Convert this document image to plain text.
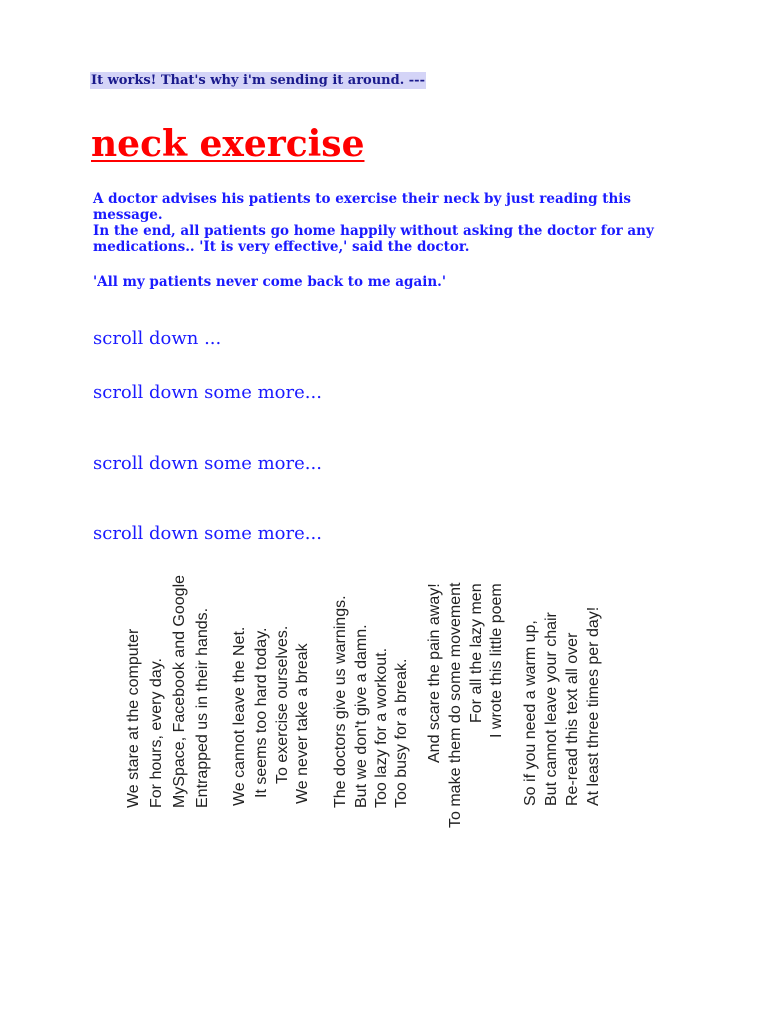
It works! That's why i'm sending it around. ---
neck exercise

A doctor advises his patients to exercise their neck by just reading this message.

In the end, all patients go home happily without asking the doctor for any medications.. 'It is very effective,' said the doctor.

'All my patients never come back to me again.'

scroll down ...

scroll down some more...

scroll down some more...

scroll down some more...

We stare at the computer For hours, every day. MySpace, Facebook and Google Entrapped us in their hands. We cannot leave the Net. It seems too hard today. To exercise ourselves. We never take a break The doctors give us warnings. But we don't give a damn. Too lazy for a workout. Too busy for a break. And scare the pain away! To make them do some movement For all the lazy men I wrote this little poem So if you need a warm up, But cannot leave your chair Re-read this text all over At least three times per day!
